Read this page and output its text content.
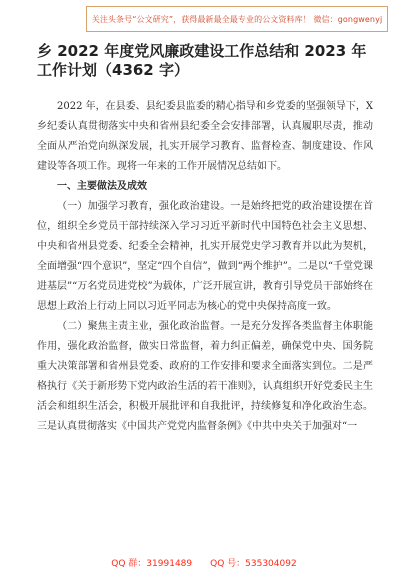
关注头条号“公文研究”，获得最新最全最专业的公文资料库！ 微信：gongwenyj
乡 2022 年度党风廉政建设工作总结和 2023 年工作计划（4362 字）

2022 年，在县委、县纪委县监委的精心指导和乡党委的坚强领导下，X 乡纪委认真贯彻落实中央和省州县纪委全会安排部署，认真履职尽责，推动全面从严治党向纵深发展，扎实开展学习教育、监督检查、制度建设、作风建设等各项工作。现将一年来的工作开展情况总结如下。

一、主要做法及成效

（一）加强学习教育，强化政治建设。一是始终把党的政治建设摆在首位，组织全乡党员干部持续深入学习习近平新时代中国特色社会主义思想、中央和省州县党委、纪委全会精神，扎实开展党史学习教育并以此为契机，全面增强“四个意识”，坚定“四个自信”，做到“两个维护”。二是以“千堂党课进基层”“万名党员进党校”为载体，广泛开展宣讲，教育引导党员干部始终在思想上政治上行动上同以习近平同志为核心的党中央保持高度一致。

（二）聚焦主责主业，强化政治监督。一是充分发挥各类监督主体职能作用，强化政治监督，做实日常监督，着力纠正偏差，确保党中央、国务院重大决策部署和省州县党委、政府的工作安排和要求全面落实到位。二是严格执行《关于新形势下党内政治生活的若干准则》，认真组织开好党委民主生活会和组织生活会，积极开展批评和自我批评，持续修复和净化政治生态。三是认真贯彻落实《中国共产党党内监督条例》《中共中央关于加强对“一

QQ 群：31991489 QQ 号：535304092
